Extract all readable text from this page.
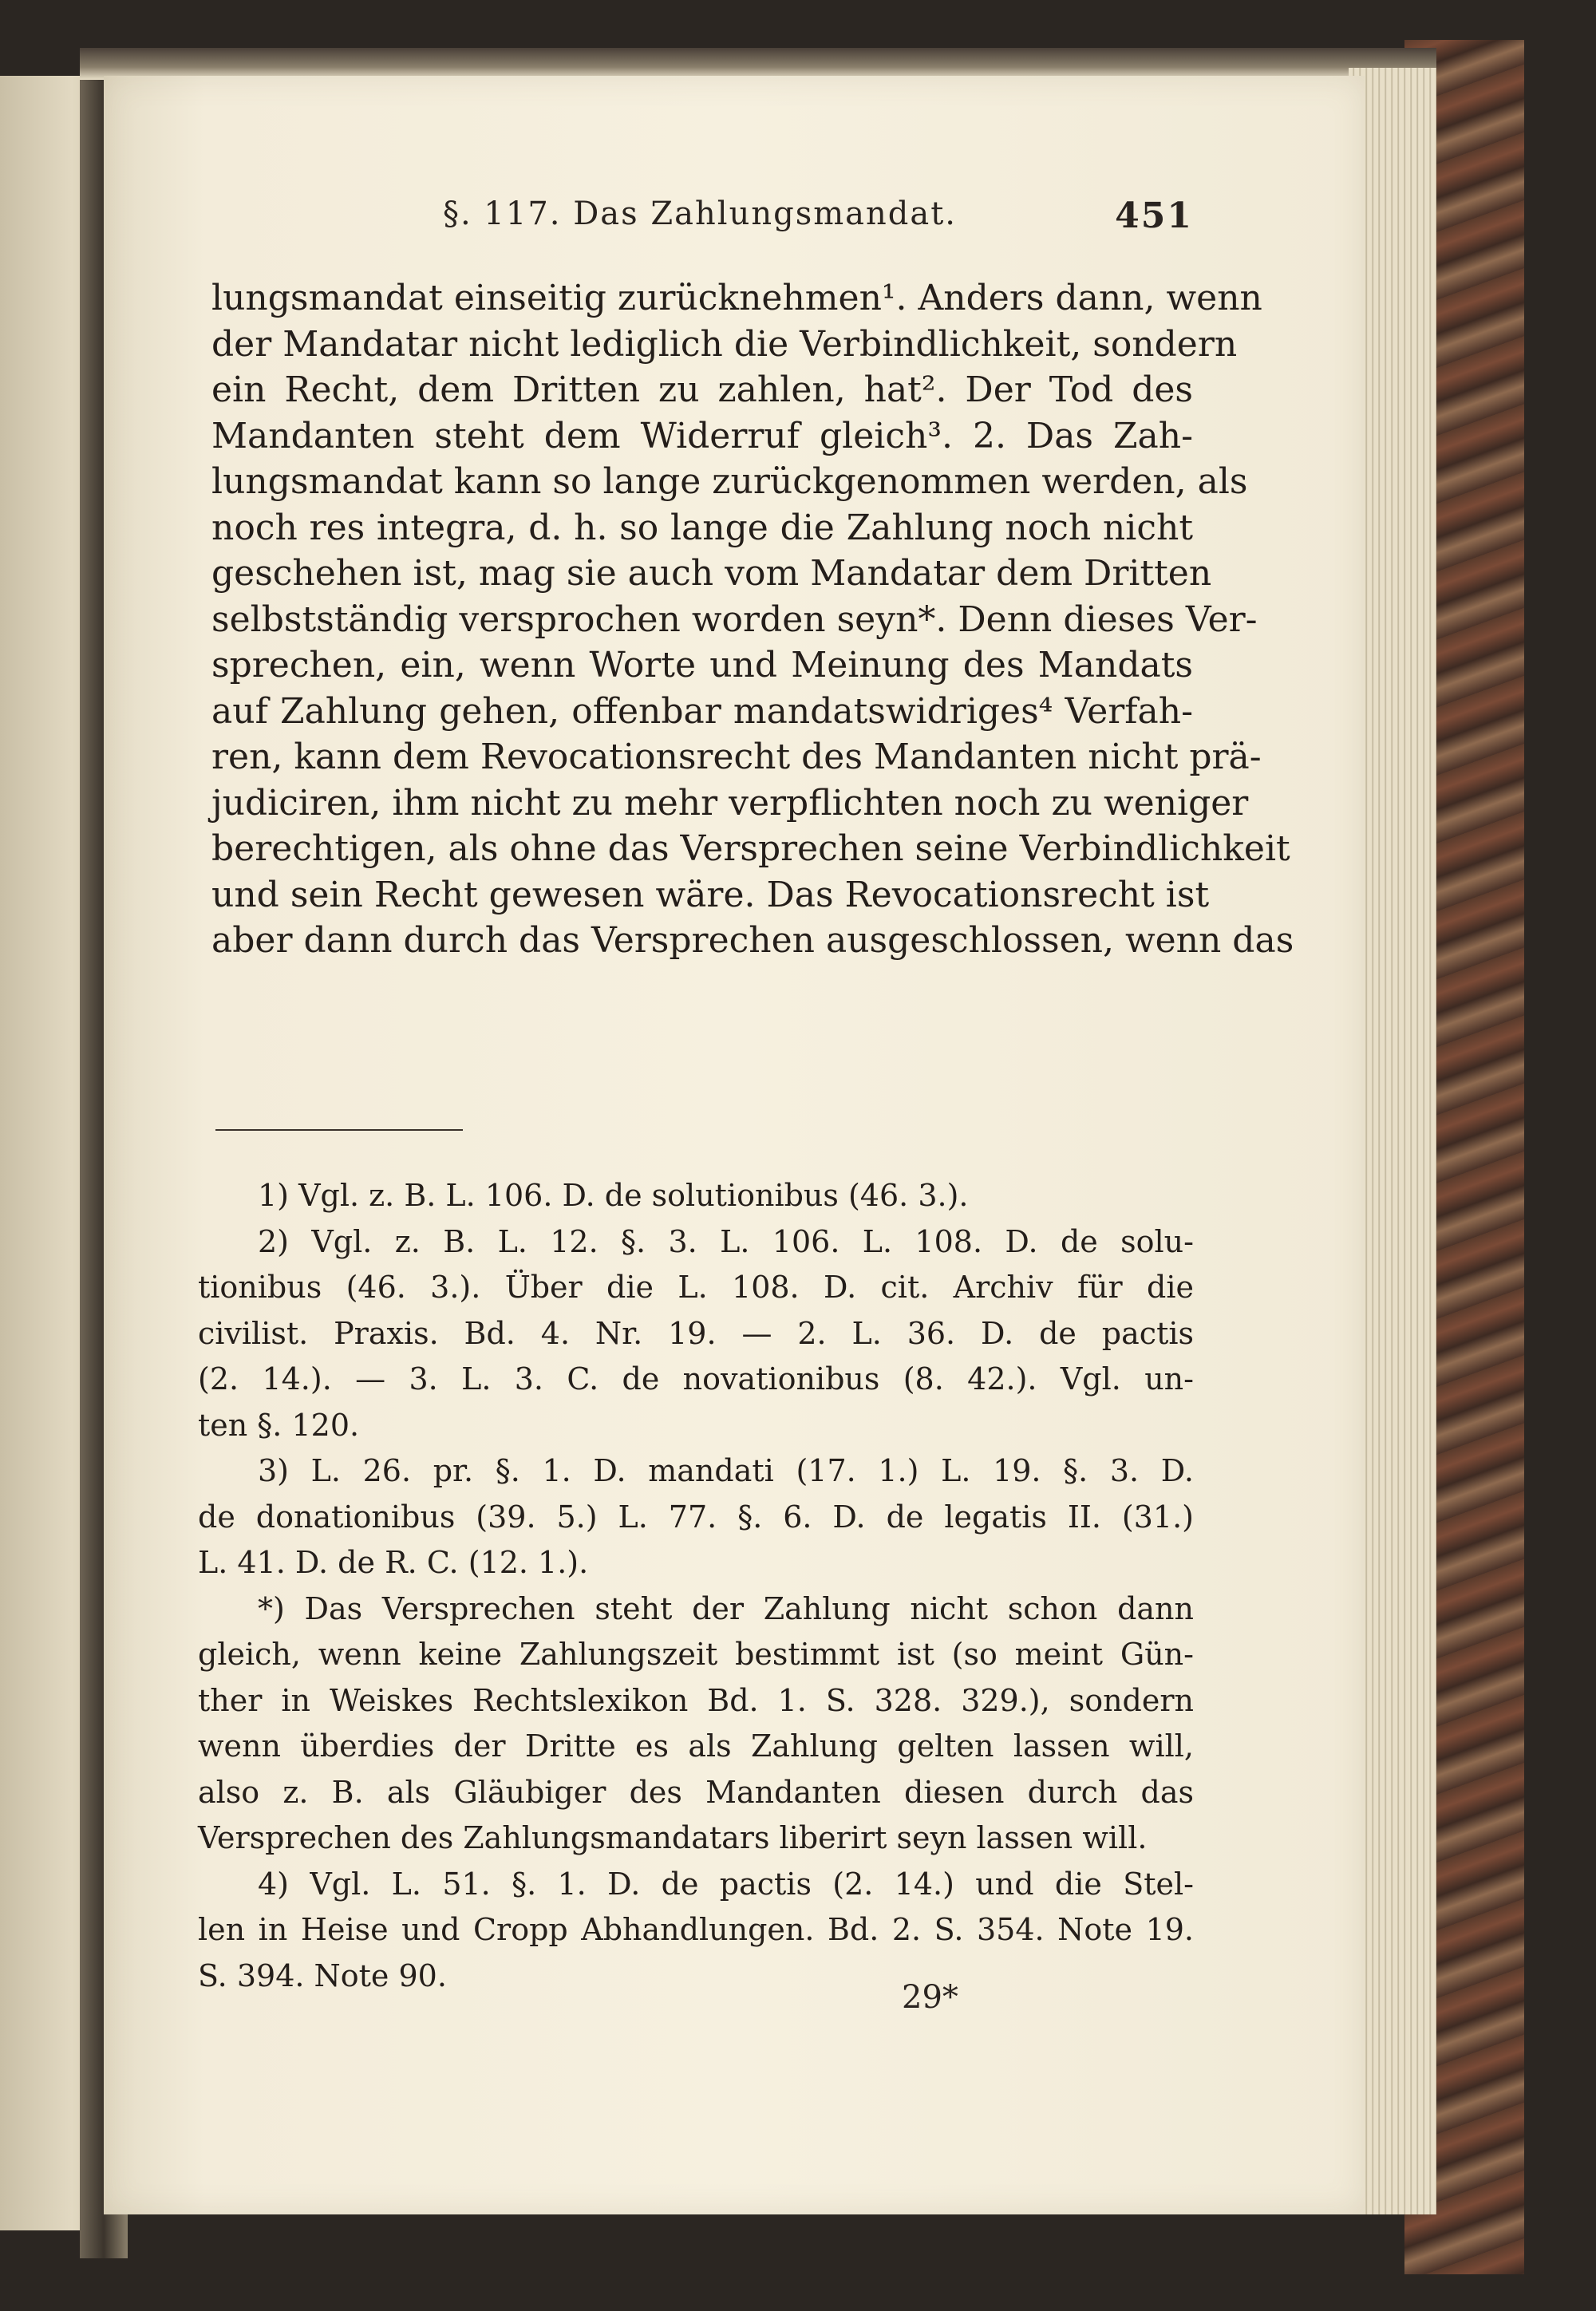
§. 117. Das Zahlungsmandat.	451
lungsmandat einseitig zurücknehmen¹. Anders dann, wenn
der Mandatar nicht lediglich die Verbindlichkeit, sondern
ein Recht, dem Dritten zu zahlen, hat². Der Tod des
Mandanten steht dem Widerruf gleich³. 2. Das Zah-
lungsmandat kann so lange zurückgenommen werden, als
noch res integra, d. h. so lange die Zahlung noch nicht
geschehen ist, mag sie auch vom Mandatar dem Dritten
selbstständig versprochen worden seyn*. Denn dieses Ver-
sprechen, ein, wenn Worte und Meinung des Mandats
auf Zahlung gehen, offenbar mandatswidriges⁴ Verfah-
ren, kann dem Revocationsrecht des Mandanten nicht prä-
judiciren, ihm nicht zu mehr verpflichten noch zu weniger
berechtigen, als ohne das Versprechen seine Verbindlichkeit
und sein Recht gewesen wäre. Das Revocationsrecht ist
aber dann durch das Versprechen ausgeschlossen, wenn das
1) Vgl. z. B. L. 106. D. de solutionibus (46. 3.).
2) Vgl. z. B. L. 12. §. 3. L. 106. L. 108. D. de solu-
tionibus (46. 3.). Über die L. 108. D. cit. Archiv für die
civilist. Praxis. Bd. 4. Nr. 19. — 2. L. 36. D. de pactis
(2. 14.). — 3. L. 3. C. de novationibus (8. 42.). Vgl. un-
ten §. 120.
3) L. 26. pr. §. 1. D. mandati (17. 1.) L. 19. §. 3. D.
de donationibus (39. 5.) L. 77. §. 6. D. de legatis II. (31.)
L. 41. D. de R. C. (12. 1.).
*) Das Versprechen steht der Zahlung nicht schon dann
gleich, wenn keine Zahlungszeit bestimmt ist (so meint Gün-
ther in Weiskes Rechtslexikon Bd. 1. S. 328. 329.), sondern
wenn überdies der Dritte es als Zahlung gelten lassen will,
also z. B. als Gläubiger des Mandanten diesen durch das
Versprechen des Zahlungsmandatars liberirt seyn lassen will.
4) Vgl. L. 51. §. 1. D. de pactis (2. 14.) und die Stel-
len in Heise und Cropp Abhandlungen. Bd. 2. S. 354. Note 19.
S. 394. Note 90.
29*
